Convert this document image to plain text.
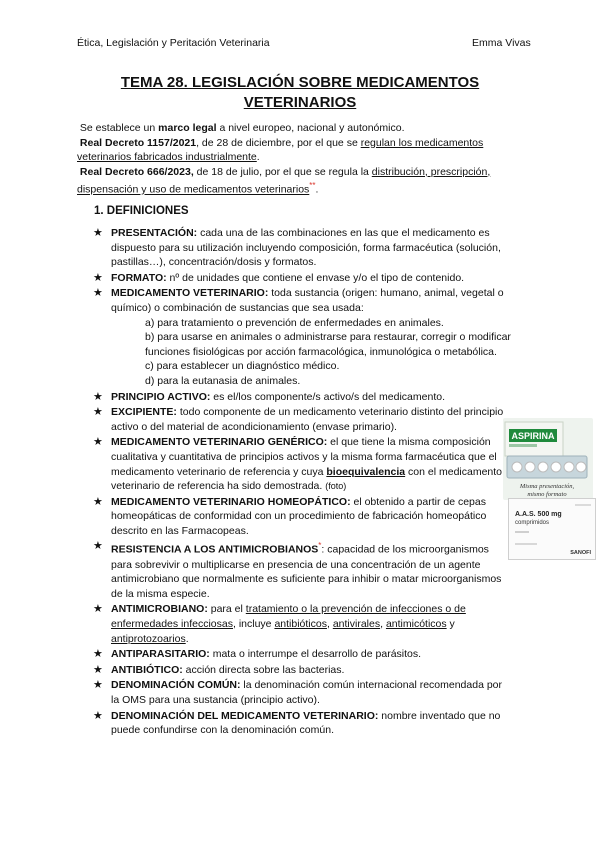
Ética, Legislación y Peritación Veterinaria	Emma Vivas
TEMA 28. LEGISLACIÓN SOBRE MEDICAMENTOS VETERINARIOS

Se establece un marco legal a nivel europeo, nacional y autonómico.

Real Decreto 1157/2021, de 28 de diciembre, por el que se regulan los medicamentos veterinarios fabricados industrialmente.

Real Decreto 666/2023, de 18 de julio, por el que se regula la distribución, prescripción, dispensación y uso de medicamentos veterinarios**.

1. DEFINICIONES
★ PRESENTACIÓN: cada una de las combinaciones en las que el medicamento es dispuesto para su utilización incluyendo composición, forma farmacéutica (solución, pastillas…), concentración/dosis y formatos.

★ FORMATO: nº de unidades que contiene el envase y/o el tipo de contenido.

★ MEDICAMENTO VETERINARIO: toda sustancia (origen: humano, animal, vegetal o químico) o combinación de sustancias que sea usada:

a) para tratamiento o prevención de enfermedades en animales.

b) para usarse en animales o administrarse para restaurar, corregir o modificar funciones fisiológicas por acción farmacológica, inmunológica o metabólica.

c) para establecer un diagnóstico médico.

d) para la eutanasia de animales.

★ PRINCIPIO ACTIVO: es el/los componente/s activo/s del medicamento.

★ EXCIPIENTE: todo componente de un medicamento veterinario distinto del principio activo o del material de acondicionamiento (envase primario).

★ MEDICAMENTO VETERINARIO GENÉRICO: el que tiene la misma composición cualitativa y cuantitativa de principios activos y la misma forma farmacéutica que el medicamento veterinario de referencia y cuya bioequivalencia con el medicamento veterinario de referencia ha sido demostrada. (foto)

★ MEDICAMENTO VETERINARIO HOMEOPÁTICO: el obtenido a partir de cepas homeopáticas de conformidad con un procedimiento de fabricación homeopático descrito en las Farmacopeas.

★ RESISTENCIA A LOS ANTIMICROBIANOS*: capacidad de los microorganismos para sobrevivir o multiplicarse en presencia de una concentración de un agente antimicrobiano que normalmente es suficiente para inhibir o matar microorganismos de la misma especie.

★ ANTIMICROBIANO: para el tratamiento o la prevención de infecciones o de enfermedades infecciosas, incluye antibióticos, antivirales, antimicóticos y antiprotozoarios.

★ ANTIPARASITARIO: mata o interrumpe el desarrollo de parásitos.

★ ANTIBIÓTICO: acción directa sobre las bacterias.

★ DENOMINACIÓN COMÚN: la denominación común internacional recomendada por la OMS para una sustancia (principio activo).

★ DENOMINACIÓN DEL MEDICAMENTO VETERINARIO: nombre inventado que no puede confundirse con la denominación común.

ASPIRINA
Misma presentación,
mismo formato
A.A.S. 500 mg
comprimidos
SANOFI
